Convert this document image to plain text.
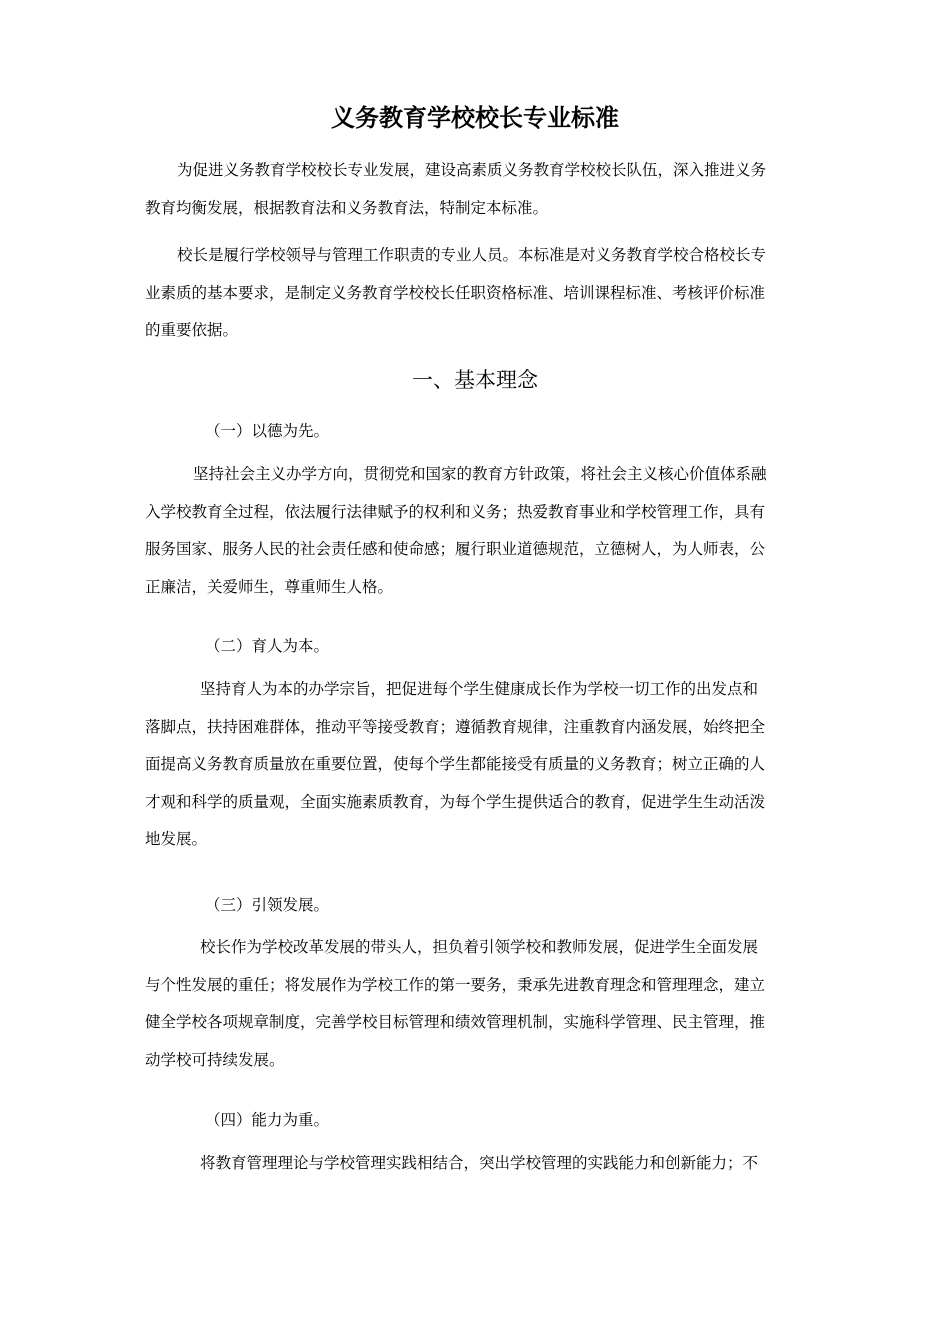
义务教育学校校长专业标准
为促进义务教育学校校长专业发展，建设高素质义务教育学校校长队伍，深入推进义务
教育均衡发展，根据教育法和义务教育法，特制定本标准。
校长是履行学校领导与管理工作职责的专业人员。本标准是对义务教育学校合格校长专
业素质的基本要求，是制定义务教育学校校长任职资格标准、培训课程标准、考核评价标准
的重要依据。
一、基本理念
（一）以德为先。
坚持社会主义办学方向，贯彻党和国家的教育方针政策，将社会主义核心价值体系融
入学校教育全过程，依法履行法律赋予的权利和义务；热爱教育事业和学校管理工作，具有
服务国家、服务人民的社会责任感和使命感；履行职业道德规范，立德树人，为人师表，公
正廉洁，关爱师生，尊重师生人格。
（二）育人为本。
坚持育人为本的办学宗旨，把促进每个学生健康成长作为学校一切工作的出发点和
落脚点，扶持困难群体，推动平等接受教育；遵循教育规律，注重教育内涵发展，始终把全
面提高义务教育质量放在重要位置，使每个学生都能接受有质量的义务教育；树立正确的人
才观和科学的质量观，全面实施素质教育，为每个学生提供适合的教育，促进学生生动活泼
地发展。
（三）引领发展。
校长作为学校改革发展的带头人，担负着引领学校和教师发展，促进学生全面发展
与个性发展的重任；将发展作为学校工作的第一要务，秉承先进教育理念和管理理念，建立
健全学校各项规章制度，完善学校目标管理和绩效管理机制，实施科学管理、民主管理，推
动学校可持续发展。
（四）能力为重。
将教育管理理论与学校管理实践相结合，突出学校管理的实践能力和创新能力；不
